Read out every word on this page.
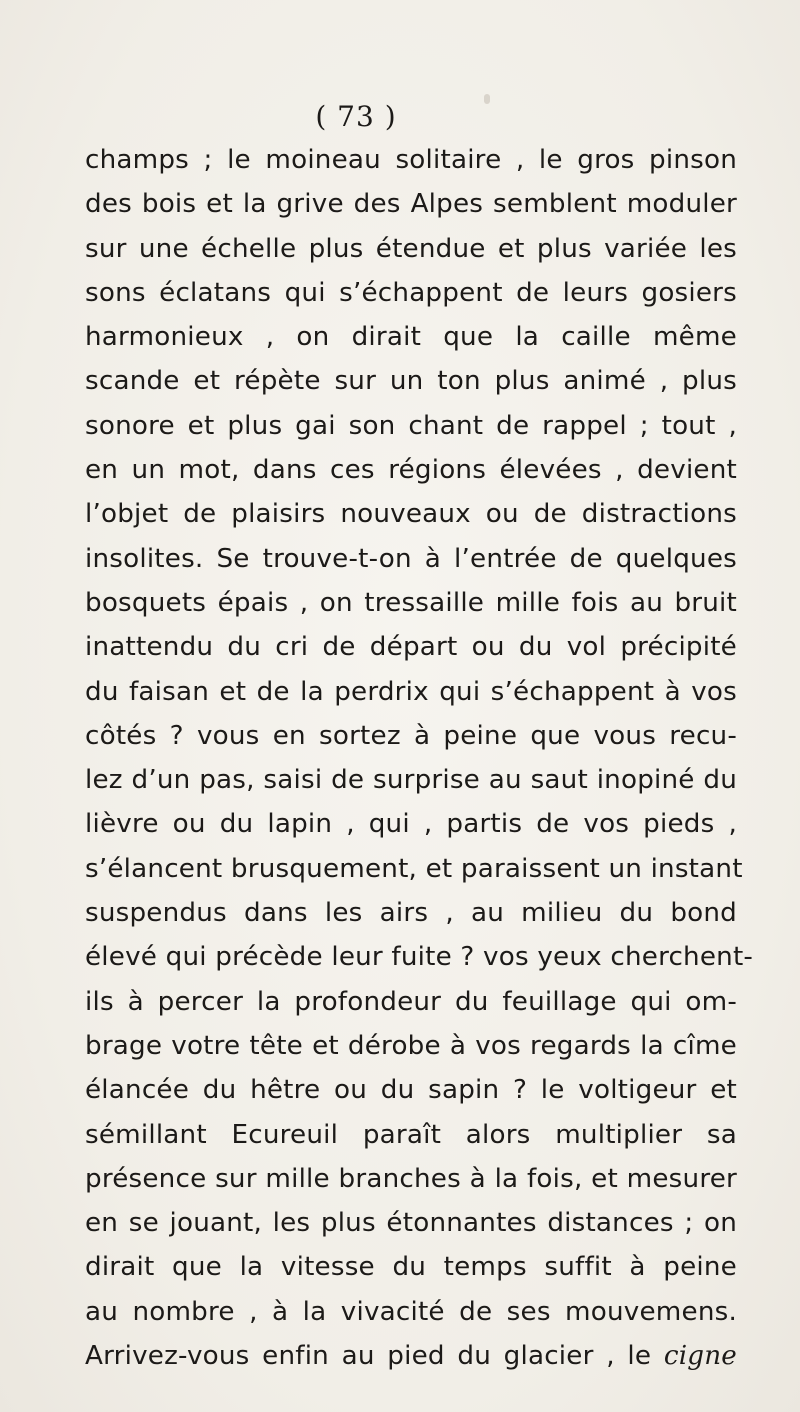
( 73 )
champs ; le moineau solitaire , le gros pinson
des bois et la grive des Alpes semblent moduler
sur une échelle plus étendue et plus variée les
sons éclatans qui s’échappent de leurs gosiers
harmonieux , on dirait que la caille même
scande et répète sur un ton plus animé , plus
sonore et plus gai son chant de rappel ; tout ,
en un mot, dans ces régions élevées , devient
l’objet de plaisirs nouveaux ou de distractions
insolites. Se trouve-t-on à l’entrée de quelques
bosquets épais , on tressaille mille fois au bruit
inattendu du cri de départ ou du vol précipité
du faisan et de la perdrix qui s’échappent à vos
côtés ? vous en sortez à peine que vous recu-
lez d’un pas, saisi de surprise au saut inopiné du
lièvre ou du lapin , qui , partis de vos pieds ,
s’élancent brusquement, et paraissent un instant
suspendus dans les airs , au milieu du bond
élevé qui précède leur fuite ? vos yeux cherchent-
ils à percer la profondeur du feuillage qui om-
brage votre tête et dérobe à vos regards la cîme
élancée du hêtre ou du sapin ? le voltigeur et
sémillant Ecureuil paraît alors multiplier sa
présence sur mille branches à la fois, et mesurer
en se jouant, les plus étonnantes distances ; on
dirait que la vitesse du temps suffit à peine
au nombre , à la vivacité de ses mouvemens.
Arrivez-vous enfin au pied du glacier , le cigne
